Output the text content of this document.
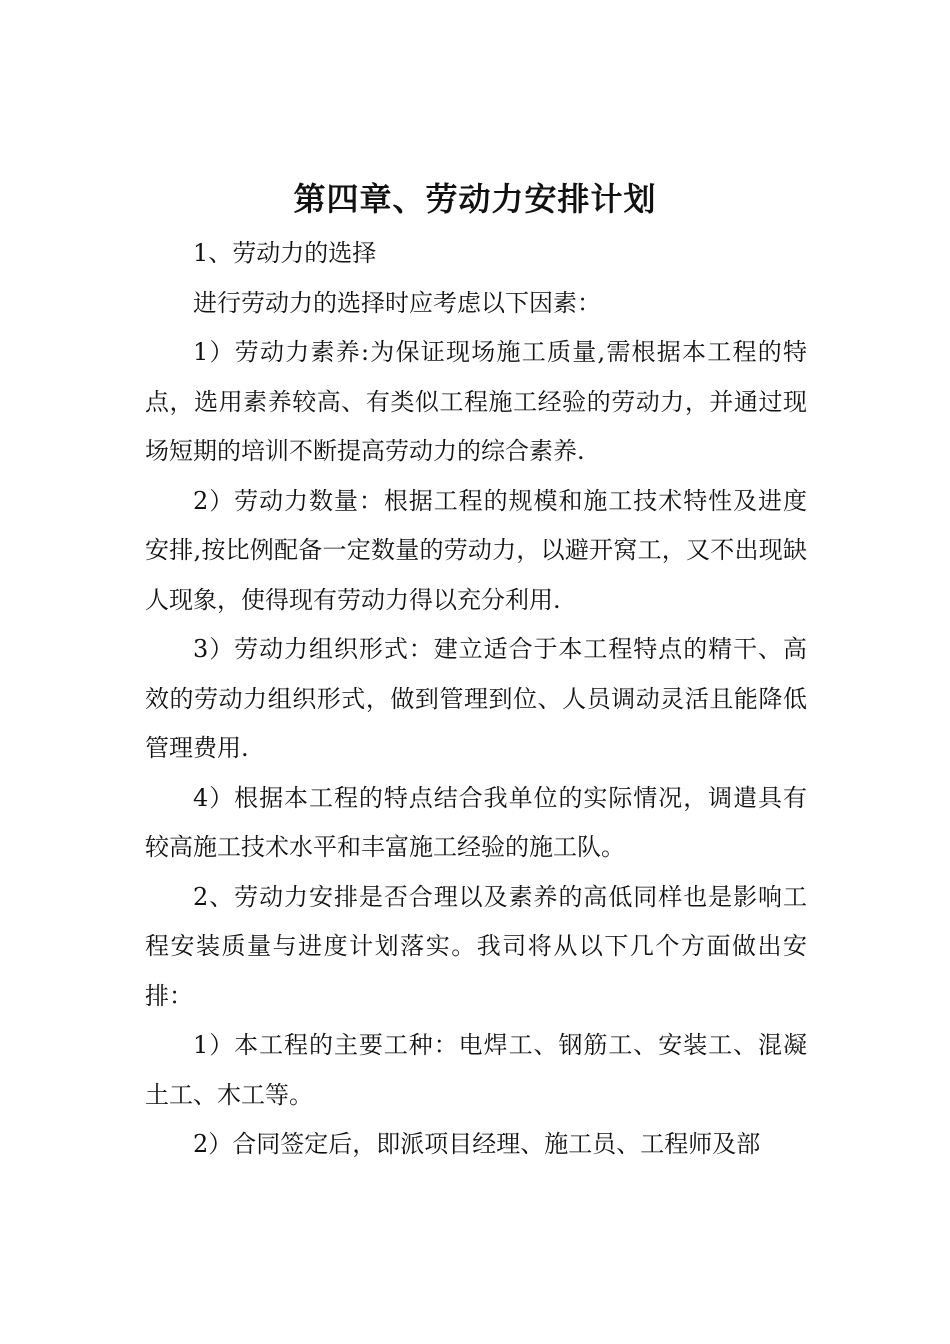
第四章、劳动力安排计划

1、劳动力的选择

进行劳动力的选择时应考虑以下因素：

1）劳动力素养:为保证现场施工质量,需根据本工程的特点，选用素养较高、有类似工程施工经验的劳动力，并通过现场短期的培训不断提高劳动力的综合素养.

2）劳动力数量：根据工程的规模和施工技术特性及进度安排,按比例配备一定数量的劳动力，以避开窝工，又不出现缺人现象，使得现有劳动力得以充分利用.

3）劳动力组织形式：建立适合于本工程特点的精干、高效的劳动力组织形式，做到管理到位、人员调动灵活且能降低管理费用.

4）根据本工程的特点结合我单位的实际情况，调遣具有较高施工技术水平和丰富施工经验的施工队。

2、劳动力安排是否合理以及素养的高低同样也是影响工程安装质量与进度计划落实。我司将从以下几个方面做出安排：

1）本工程的主要工种：电焊工、钢筋工、安装工、混凝土工、木工等。

2）合同签定后，即派项目经理、施工员、工程师及部
